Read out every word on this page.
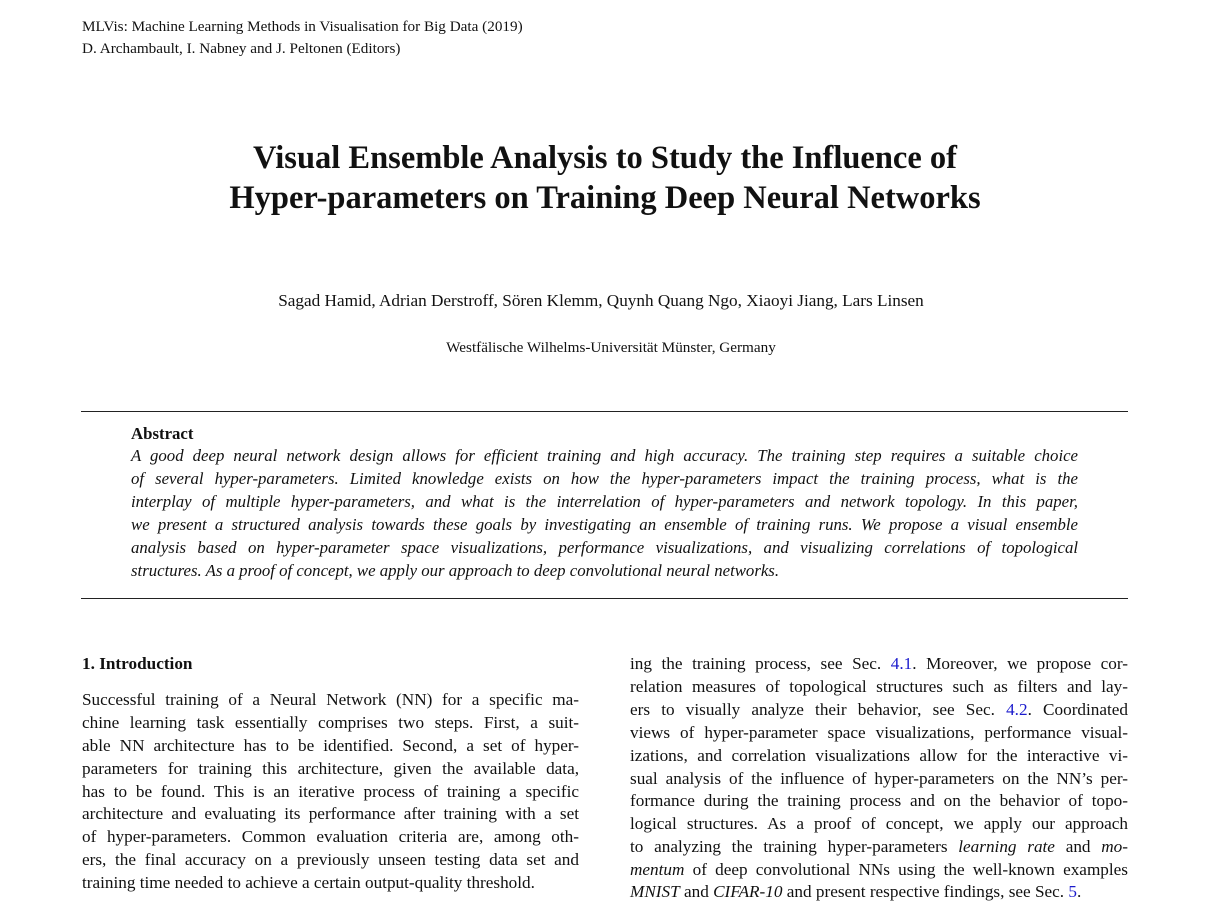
MLVis: Machine Learning Methods in Visualisation for Big Data (2019)
D. Archambault, I. Nabney and J. Peltonen (Editors)
Visual Ensemble Analysis to Study the Influence of
Hyper-parameters on Training Deep Neural Networks
Sagad Hamid, Adrian Derstroff, Sören Klemm, Quynh Quang Ngo, Xiaoyi Jiang, Lars Linsen
Westfälische Wilhelms-Universität Münster, Germany
Abstract
A good deep neural network design allows for efficient training and high accuracy. The training step requires a suitable choice
of several hyper-parameters. Limited knowledge exists on how the hyper-parameters impact the training process, what is the
interplay of multiple hyper-parameters, and what is the interrelation of hyper-parameters and network topology. In this paper,
we present a structured analysis towards these goals by investigating an ensemble of training runs. We propose a visual ensemble
analysis based on hyper-parameter space visualizations, performance visualizations, and visualizing correlations of topological
structures. As a proof of concept, we apply our approach to deep convolutional neural networks.
1. Introduction
Successful training of a Neural Network (NN) for a specific ma-
chine learning task essentially comprises two steps. First, a suit-
able NN architecture has to be identified. Second, a set of hyper-
parameters for training this architecture, given the available data,
has to be found. This is an iterative process of training a specific
architecture and evaluating its performance after training with a set
of hyper-parameters. Common evaluation criteria are, among oth-
ers, the final accuracy on a previously unseen testing data set and
training time needed to achieve a certain output-quality threshold.
ing the training process, see Sec. 4.1. Moreover, we propose cor-
relation measures of topological structures such as filters and lay-
ers to visually analyze their behavior, see Sec. 4.2. Coordinated
views of hyper-parameter space visualizations, performance visual-
izations, and correlation visualizations allow for the interactive vi-
sual analysis of the influence of hyper-parameters on the NN’s per-
formance during the training process and on the behavior of topo-
logical structures. As a proof of concept, we apply our approach
to analyzing the training hyper-parameters learning rate and mo-
mentum of deep convolutional NNs using the well-known examples
MNIST and CIFAR-10 and present respective findings, see Sec. 5.
